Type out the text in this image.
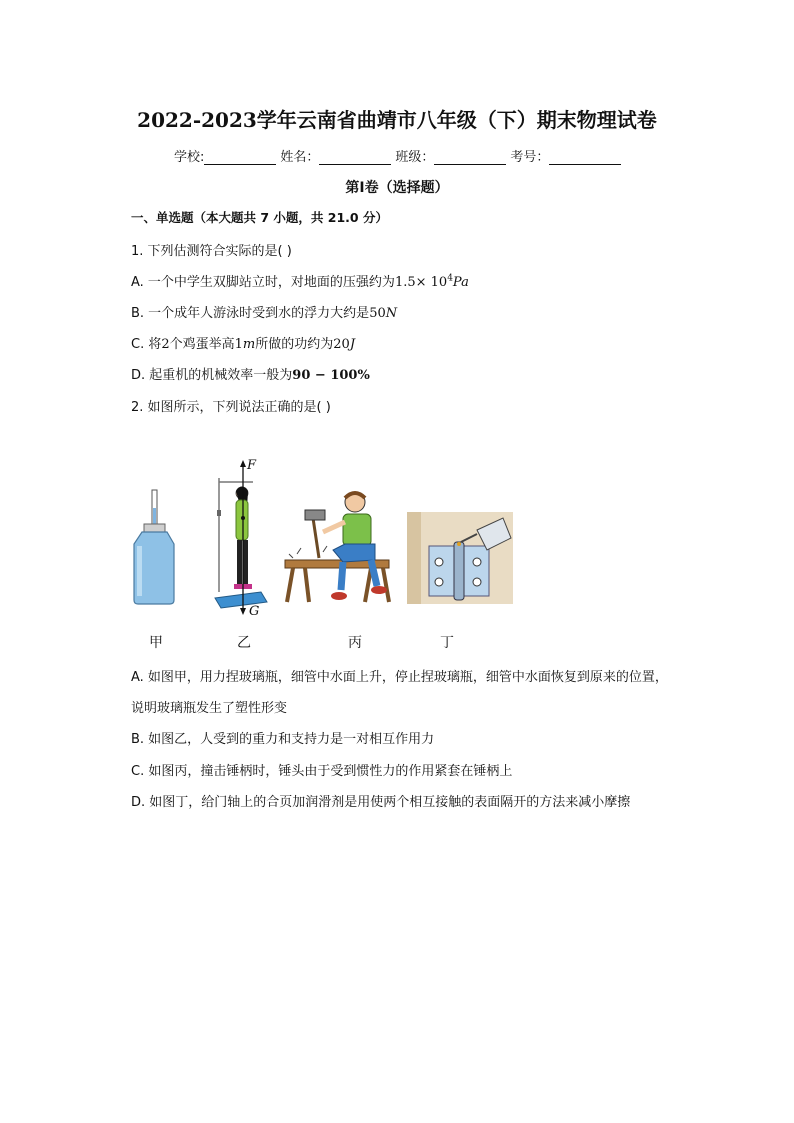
2022-2023学年云南省曲靖市八年级（下）期末物理试卷
学校:	姓名：	班级：	考号：
第I卷（选择题）
一、单选题（本大题共 7 小题，共 21.0 分）
1. 下列估测符合实际的是( )
A. 一个中学生双脚站立时，对地面的压强约为$1.5\times 10^4Pa$
B. 一个成年人游泳时受到水的浮力大约是50N
C. 将2个鸡蛋举高1m所做的功约为20J
D. 起重机的机械效率一般为90 − 100%
2. 如图所示，下列说法正确的是( )
F
G
甲	乙	丙	丁
A. 如图甲，用力捏玻璃瓶，细管中水面上升，停止捏玻璃瓶，细管中水面恢复到原来的位置，
说明玻璃瓶发生了塑性形变
B. 如图乙，人受到的重力和支持力是一对相互作用力
C. 如图丙，撞击锤柄时，锤头由于受到惯性力的作用紧套在锤柄上
D. 如图丁，给门轴上的合页加润滑剂是用使两个相互接触的表面隔开的方法来减小摩擦
